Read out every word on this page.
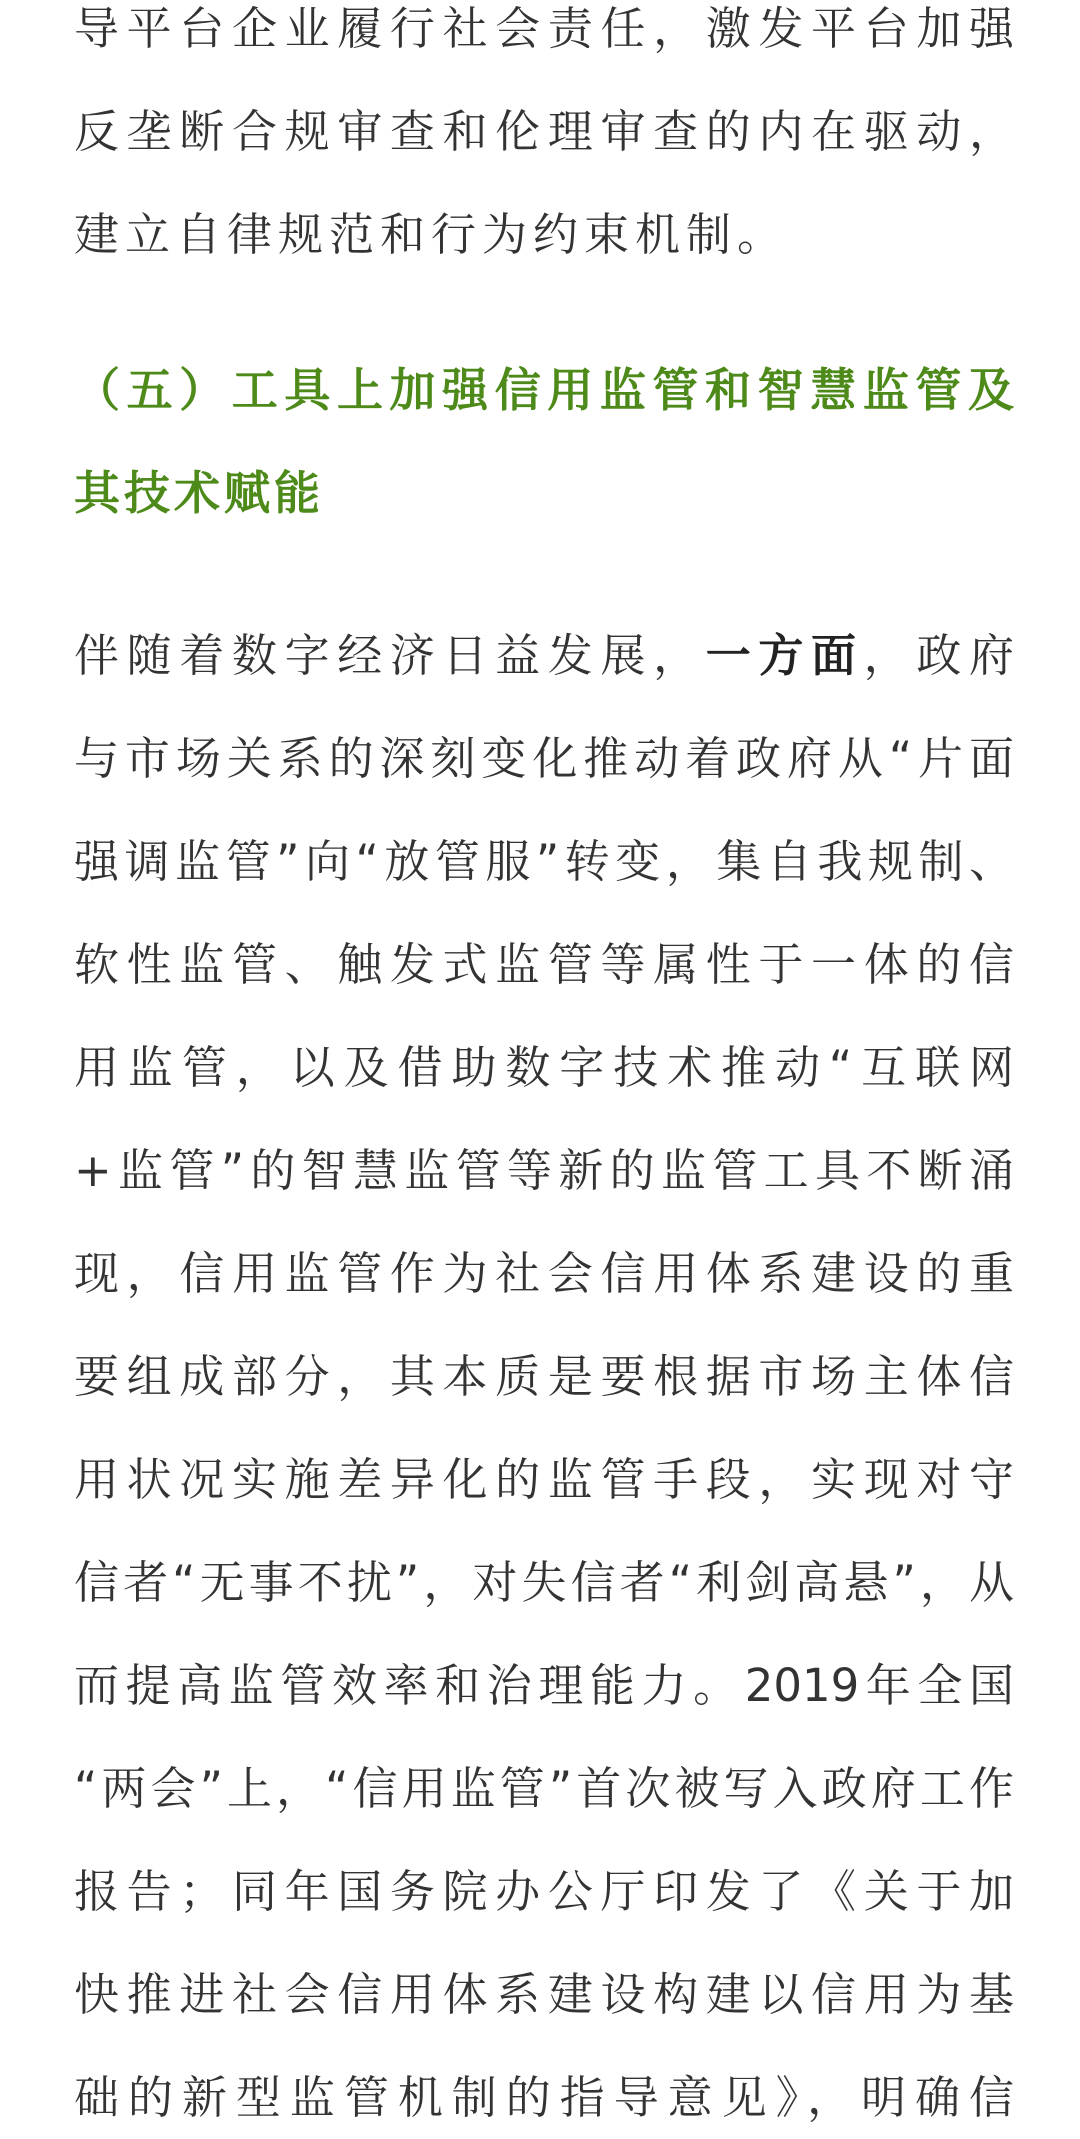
导平台企业履行社会责任，激发平台加强
反垄断合规审查和伦理审查的内在驱动，
建立自律规范和行为约束机制。
（五）工具上加强信用监管和智慧监管及
其技术赋能
伴随着数字经济日益发展，一方面，政府
与市场关系的深刻变化推动着政府从“片面
强调监管”向“放管服”转变，集自我规制、
软性监管、触发式监管等属性于一体的信
用监管，以及借助数字技术推动“互联网
+监管”的智慧监管等新的监管工具不断涌
现，信用监管作为社会信用体系建设的重
要组成部分，其本质是要根据市场主体信
用状况实施差异化的监管手段，实现对守
信者“无事不扰”，对失信者“利剑高悬”，从
而提高监管效率和治理能力。2019年全国
“两会”上，“信用监管”首次被写入政府工作
报告；同年国务院办公厅印发了《关于加
快推进社会信用体系建设构建以信用为基
础的新型监管机制的指导意见》，明确信
